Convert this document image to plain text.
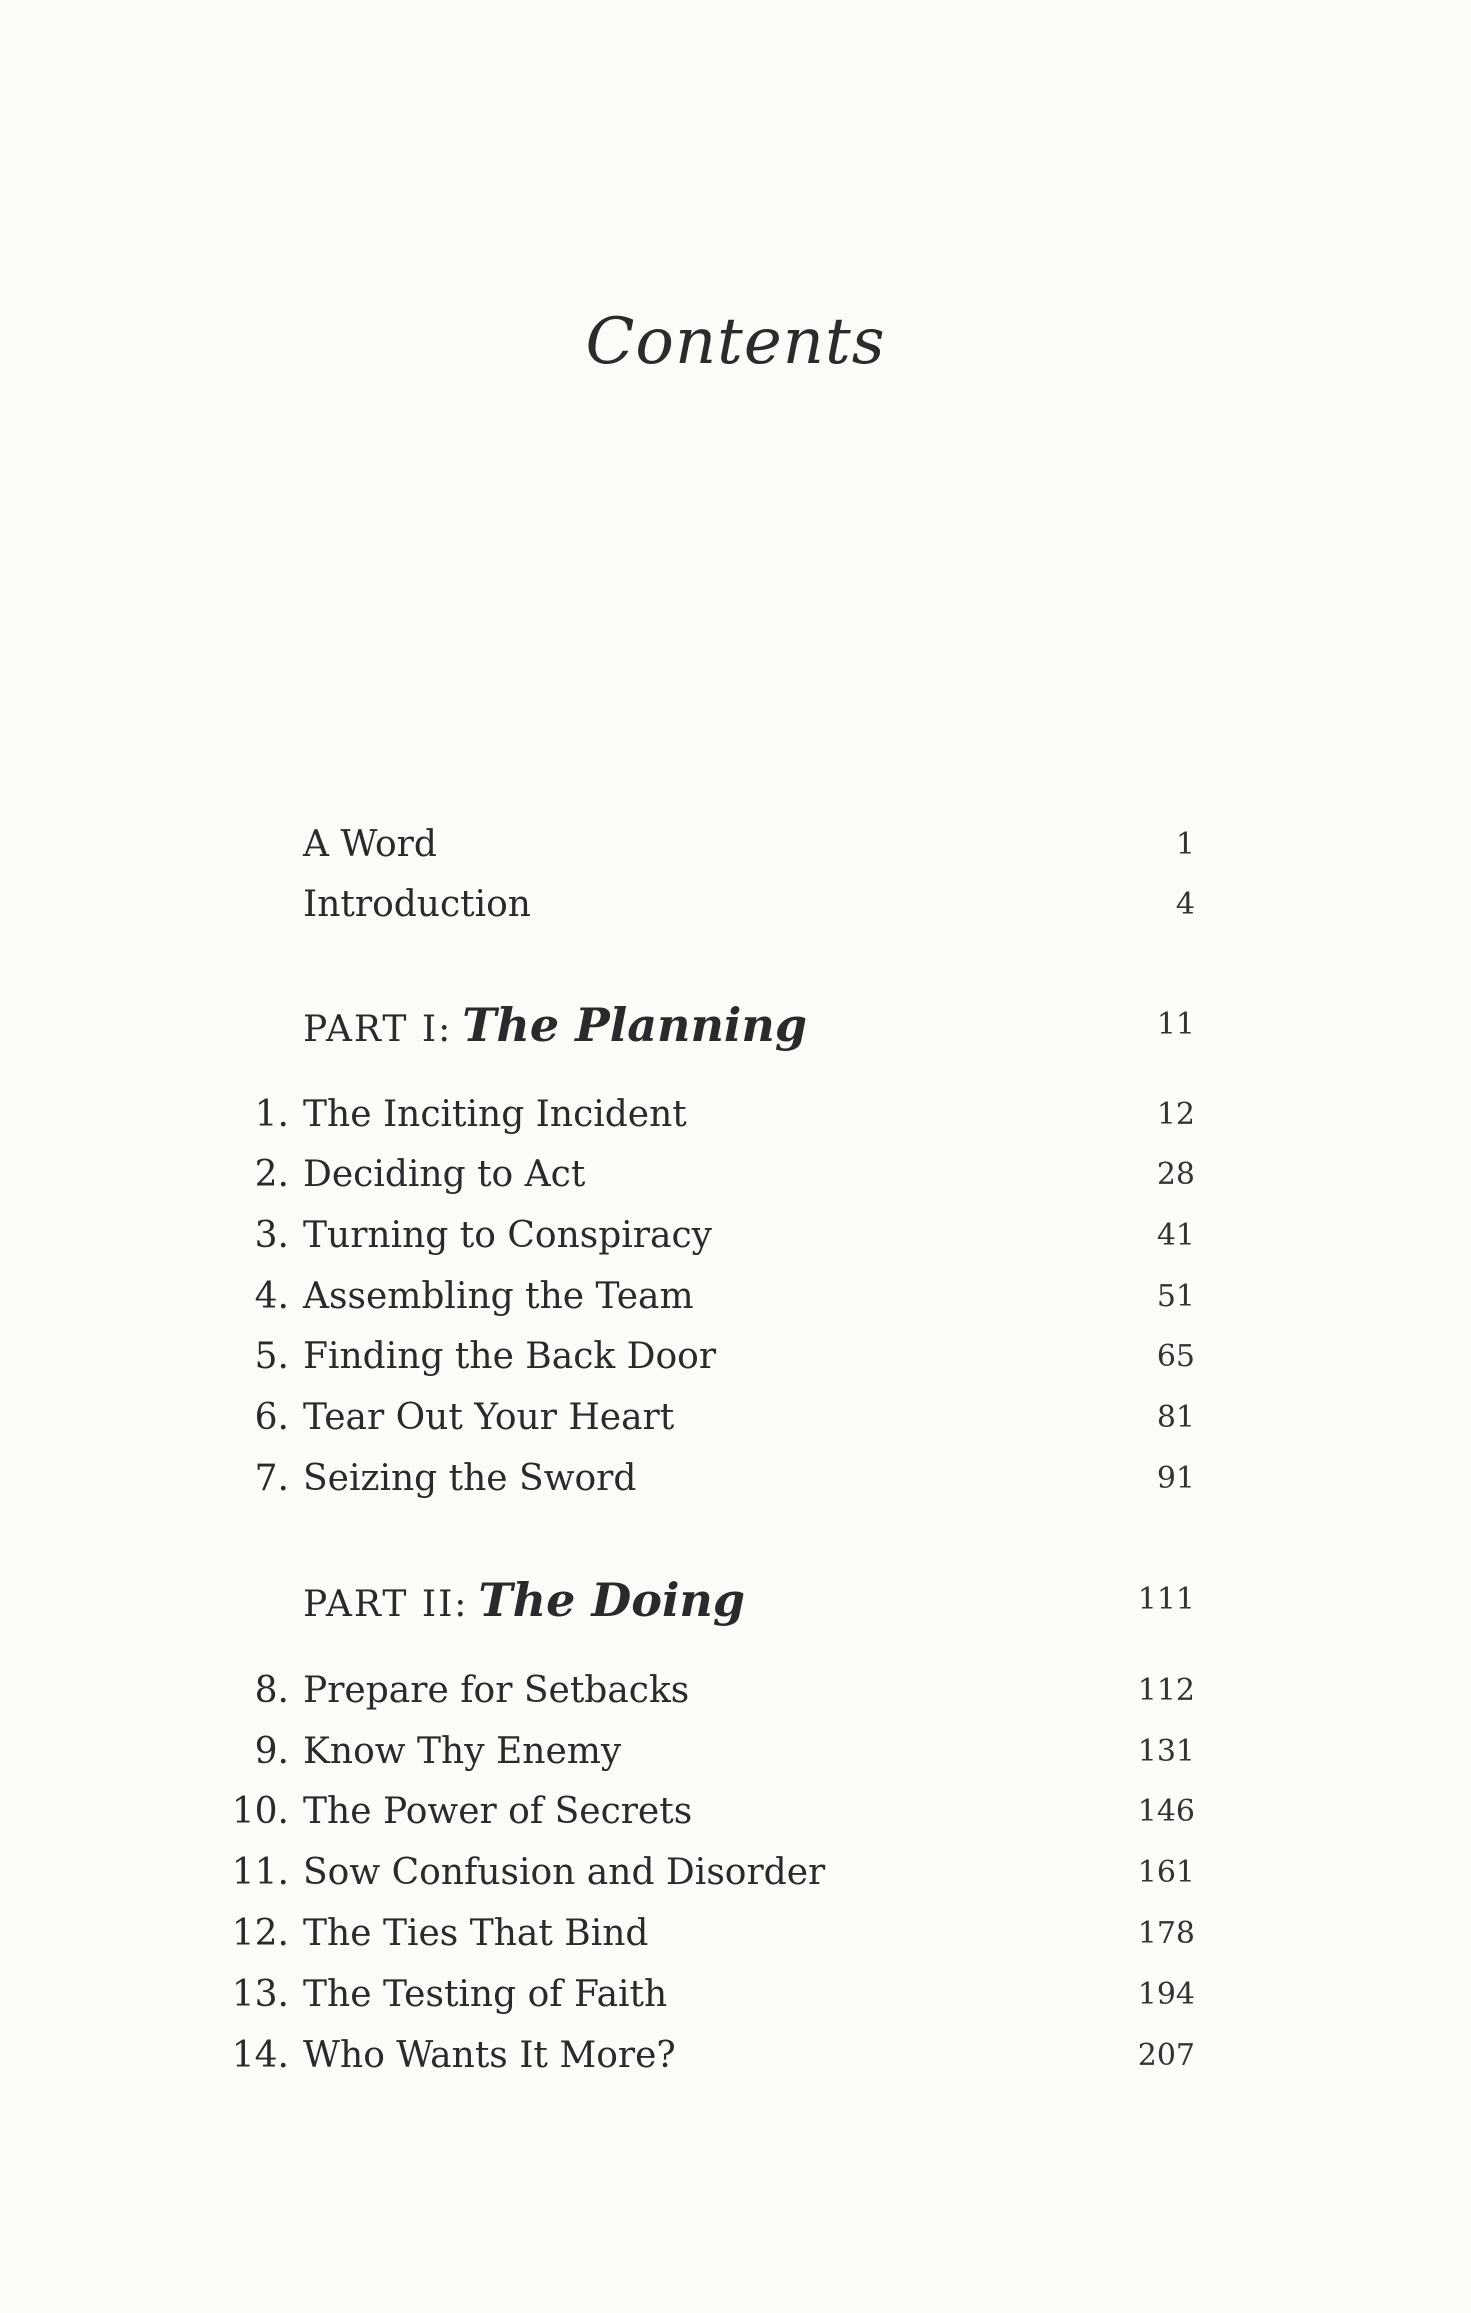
Contents
A Word	1
Introduction	4
PART I: The Planning	11
1. The Inciting Incident	12
2. Deciding to Act	28
3. Turning to Conspiracy	41
4. Assembling the Team	51
5. Finding the Back Door	65
6. Tear Out Your Heart	81
7. Seizing the Sword	91
PART II: The Doing	111
8. Prepare for Setbacks	112
9. Know Thy Enemy	131
10. The Power of Secrets	146
11. Sow Confusion and Disorder	161
12. The Ties That Bind	178
13. The Testing of Faith	194
14. Who Wants It More?	207
